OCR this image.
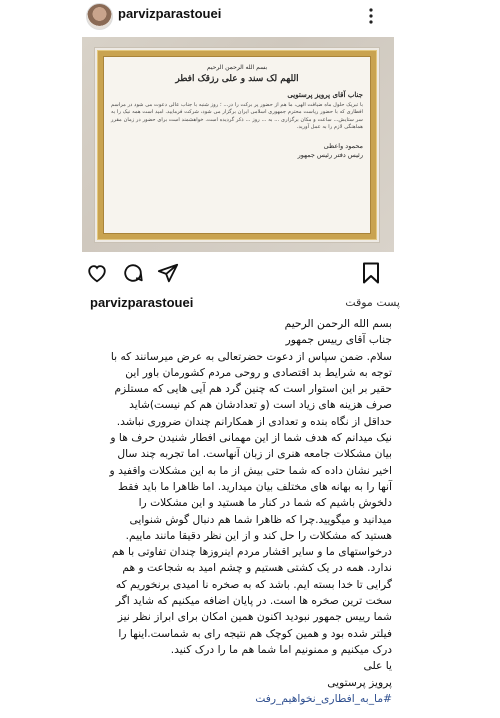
parvizparastouei
بسم الله الرحمن الرحیم
اللهم لک سند و علی رزقک افطر
جناب آقای پرویز پرستویی
با تبریک حلول ماه ضیافت الهی، ما هم از حضور پر برکت را در... ؛ روز شنبه با جناب عالی دعوت می شود در مراسم افطاری که با حضور ریاست محترم جمهوری اسلامی ایران برگزار می شود، شرکت فرمایید. امید است همه نیک را به سر ستایش... ساعت و مکان برگزاری ... به ... روز ... ذکر گردیده است. خواهشمند است برای حضور در زمان مقرر هماهنگی لازم را به عمل آورید.
محمود واعظی
رئیس دفتر رئیس جمهور
parvizparastouei	پست موقت

بسم الله الرحمن الرحیم

جناب آقای رییس جمهور

سلام. ضمن سپاس از دعوت حضرتعالی به عرض میرسانند که با توجه به شرایط بد اقتصادی و روحی مردم کشورمان باور این حقیر بر این استوار است که چنین گرد هم آیی هایی که مستلزم صرف هزینه های زیاد است (و تعدادشان هم کم نیست)شاید حداقل از نگاه بنده و تعدادی از همکارانم چندان ضروری نباشد. نیک میدانم که هدف شما از این مهمانی افطار شنیدن حرف ها و بیان مشکلات جامعه هنری از زبان آنهاست. اما تجربه چند سال اخیر نشان داده که شما حتی بیش از ما به این مشکلات واقفید و آنها را به بهانه های مختلف بیان میدارید. اما ظاهرا ما باید فقط دلخوش باشیم که شما در کنار ما هستید و این مشکلات را میدانید و میگویید.چرا که ظاهرا شما هم دنبال گوش شنوایی هستید که مشکلات را حل کند و از این نظر دقیقا مانند ماییم. درخواستهای ما و سایر اقشار مردم اینروزها چندان تفاوتی با هم ندارد. همه در یک کشتی هستیم و چشم امید به شجاعت و هم گرایی تا خدا بسته ایم. باشد که به صخره نا امیدی برنخوریم که سخت ترین صخره ها است. در پایان اضافه میکنیم که شاید اگر شما رییس جمهور نبودید اکنون همین امکان برای ابراز نظر نیز فیلتر شده بود و همین کوچک هم نتیجه رای به شماست.اینها را درک میکنیم و ممنونیم اما شما هم ما را درک کنید.

یا علی

پرویز پرستویی

#ما_به_افطاری_نخواهیم_رفت
